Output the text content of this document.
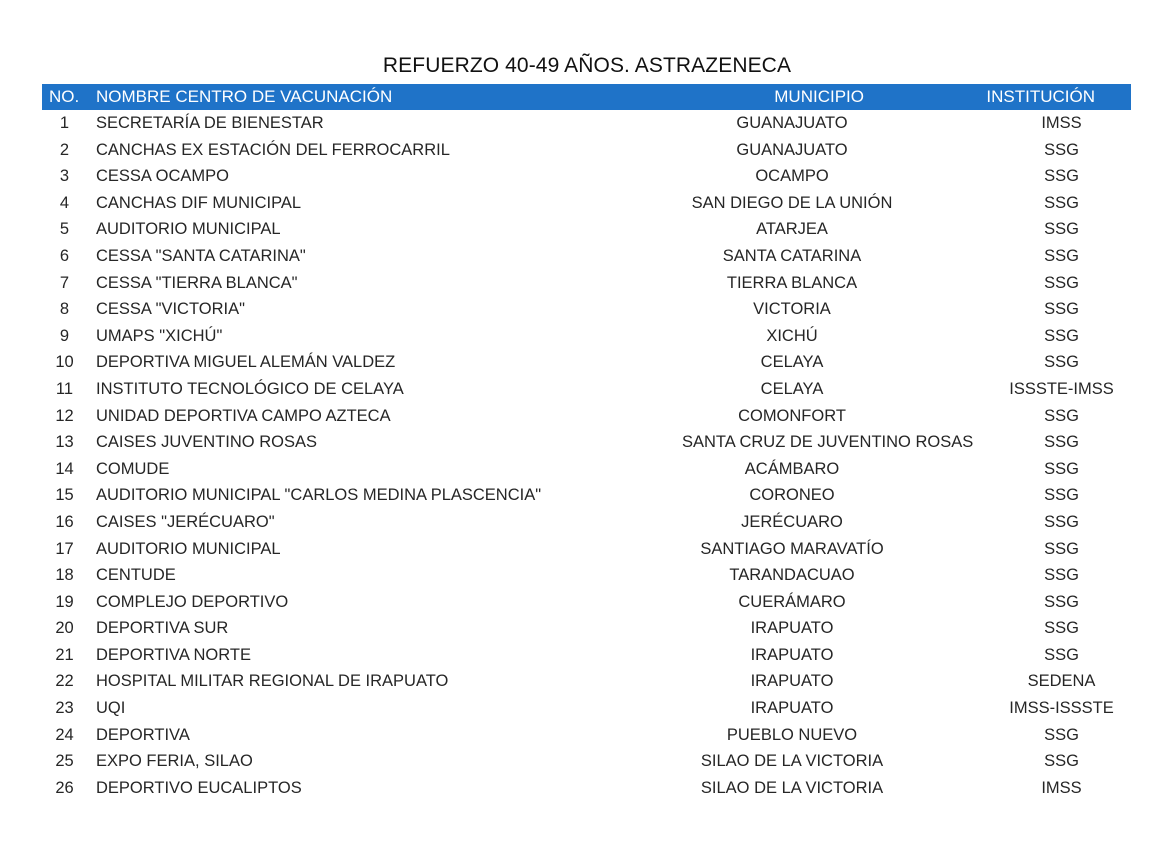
REFUERZO 40-49 AÑOS. ASTRAZENECA
NO.	NOMBRE CENTRO DE VACUNACIÓN	MUNICIPIO	INSTITUCIÓN
1	SECRETARÍA DE BIENESTAR	GUANAJUATO	IMSS
2	CANCHAS EX ESTACIÓN DEL FERROCARRIL	GUANAJUATO	SSG
3	CESSA OCAMPO	OCAMPO	SSG
4	CANCHAS DIF MUNICIPAL	SAN DIEGO DE LA UNIÓN	SSG
5	AUDITORIO MUNICIPAL	ATARJEA	SSG
6	CESSA "SANTA CATARINA"	SANTA CATARINA	SSG
7	CESSA "TIERRA BLANCA"	TIERRA BLANCA	SSG
8	CESSA "VICTORIA"	VICTORIA	SSG
9	UMAPS "XICHÚ"	XICHÚ	SSG
10	DEPORTIVA MIGUEL ALEMÁN VALDEZ	CELAYA	SSG
11	INSTITUTO TECNOLÓGICO DE CELAYA	CELAYA	ISSSTE-IMSS
12	UNIDAD DEPORTIVA CAMPO AZTECA	COMONFORT	SSG
13	CAISES JUVENTINO ROSAS	SANTA CRUZ DE JUVENTINO ROSAS	SSG
14	COMUDE	ACÁMBARO	SSG
15	AUDITORIO MUNICIPAL "CARLOS MEDINA PLASCENCIA"	CORONEO	SSG
16	CAISES "JERÉCUARO"	JERÉCUARO	SSG
17	AUDITORIO MUNICIPAL	SANTIAGO MARAVATÍO	SSG
18	CENTUDE	TARANDACUAO	SSG
19	COMPLEJO DEPORTIVO	CUERÁMARO	SSG
20	DEPORTIVA SUR	IRAPUATO	SSG
21	DEPORTIVA NORTE	IRAPUATO	SSG
22	HOSPITAL MILITAR REGIONAL DE IRAPUATO	IRAPUATO	SEDENA
23	UQI	IRAPUATO	IMSS-ISSSTE
24	DEPORTIVA	PUEBLO NUEVO	SSG
25	EXPO FERIA, SILAO	SILAO DE LA VICTORIA	SSG
26	DEPORTIVO EUCALIPTOS	SILAO DE LA VICTORIA	IMSS
